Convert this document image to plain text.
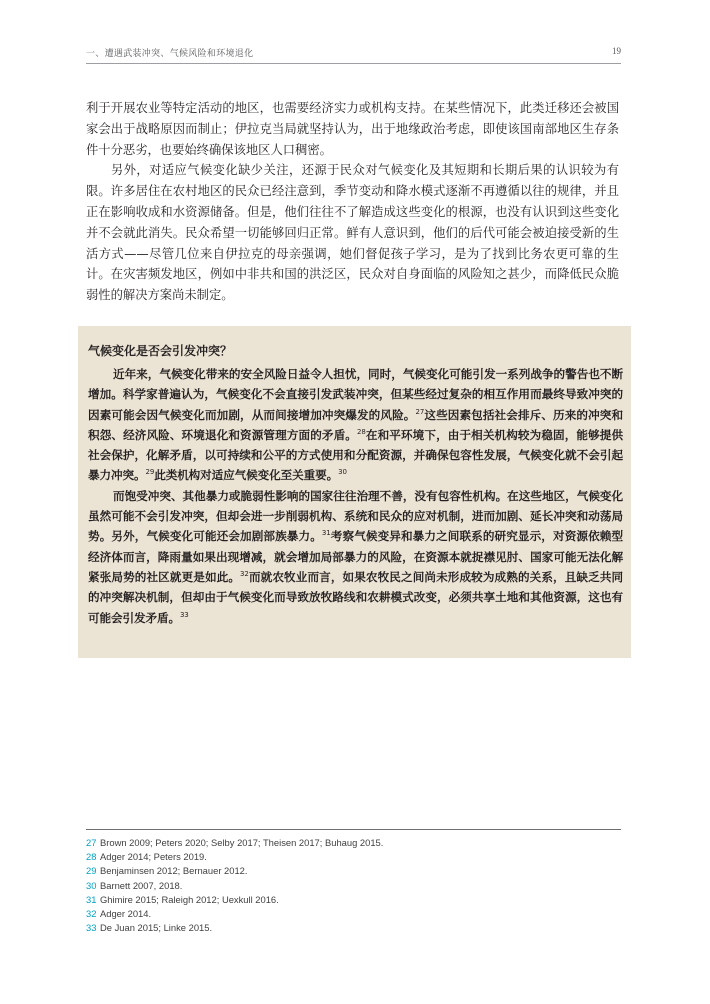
一、遭遇武装冲突、气候风险和环境退化	19

利于开展农业等特定活动的地区，也需要经济实力或机构支持。在某些情况下，此类迁移还会被国家会出于战略原因而制止；伊拉克当局就坚持认为，出于地缘政治考虑，即使该国南部地区生存条件十分恶劣，也要始终确保该地区人口稠密。

另外，对适应气候变化缺少关注，还源于民众对气候变化及其短期和长期后果的认识较为有限。许多居住在农村地区的民众已经注意到，季节变动和降水模式逐渐不再遵循以往的规律，并且正在影响收成和水资源储备。但是，他们往往不了解造成这些变化的根源，也没有认识到这些变化并不会就此消失。民众希望一切能够回归正常。鲜有人意识到，他们的后代可能会被迫接受新的生活方式——尽管几位来自伊拉克的母亲强调，她们督促孩子学习，是为了找到比务农更可靠的生计。在灾害频发地区，例如中非共和国的洪泛区，民众对自身面临的风险知之甚少，而降低民众脆弱性的解决方案尚未制定。

气候变化是否会引发冲突？

近年来，气候变化带来的安全风险日益令人担忧，同时，气候变化可能引发一系列战争的警告也不断增加。科学家普遍认为，气候变化不会直接引发武装冲突，但某些经过复杂的相互作用而最终导致冲突的因素可能会因气候变化而加剧，从而间接增加冲突爆发的风险。$^{27}$这些因素包括社会排斥、历来的冲突和积怨、经济风险、环境退化和资源管理方面的矛盾。$^{28}$在和平环境下，由于相关机构较为稳固，能够提供社会保护，化解矛盾，以可持续和公平的方式使用和分配资源，并确保包容性发展，气候变化就不会引起暴力冲突。$^{29}$此类机构对适应气候变化至关重要。$^{30}$

而饱受冲突、其他暴力或脆弱性影响的国家往往治理不善，没有包容性机构。在这些地区，气候变化虽然可能不会引发冲突，但却会进一步削弱机构、系统和民众的应对机制，进而加剧、延长冲突和动荡局势。另外，气候变化可能还会加剧部族暴力。$^{31}$考察气候变异和暴力之间联系的研究显示，对资源依赖型经济体而言，降雨量如果出现增减，就会增加局部暴力的风险，在资源本就捉襟见肘、国家可能无法化解紧张局势的社区就更是如此。$^{32}$而就农牧业而言，如果农牧民之间尚未形成较为成熟的关系，且缺乏共同的冲突解决机制，但却由于气候变化而导致放牧路线和农耕模式改变，必须共享土地和其他资源，这也有可能会引发矛盾。$^{33}$

27 Brown 2009; Peters 2020; Selby 2017; Theisen 2017; Buhaug 2015.
28 Adger 2014; Peters 2019.
29 Benjaminsen 2012; Bernauer 2012.
30 Barnett 2007, 2018.
31 Ghimire 2015; Raleigh 2012; Uexkull 2016.
32 Adger 2014.
33 De Juan 2015; Linke 2015.
